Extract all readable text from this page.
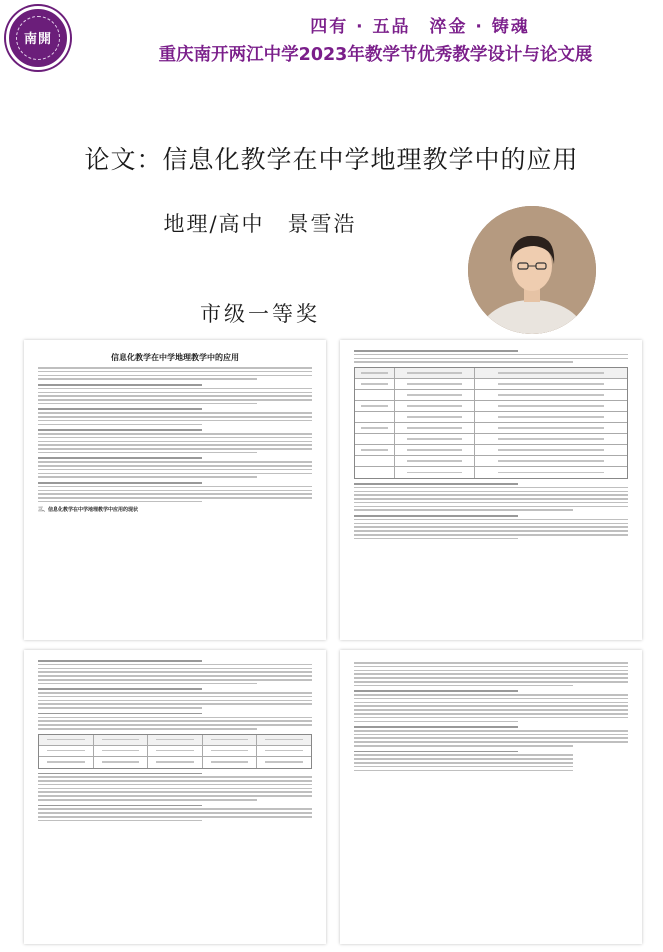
南開
四有 · 五品　淬金 · 铸魂
重庆南开两江中学2023年教学节优秀教学设计与论文展
论文：信息化教学在中学地理教学中的应用
地理/高中　景雪浩
市级一等奖
信息化教学在中学地理教学中的应用
三、信息化教学在中学地理教学中应用的现状
